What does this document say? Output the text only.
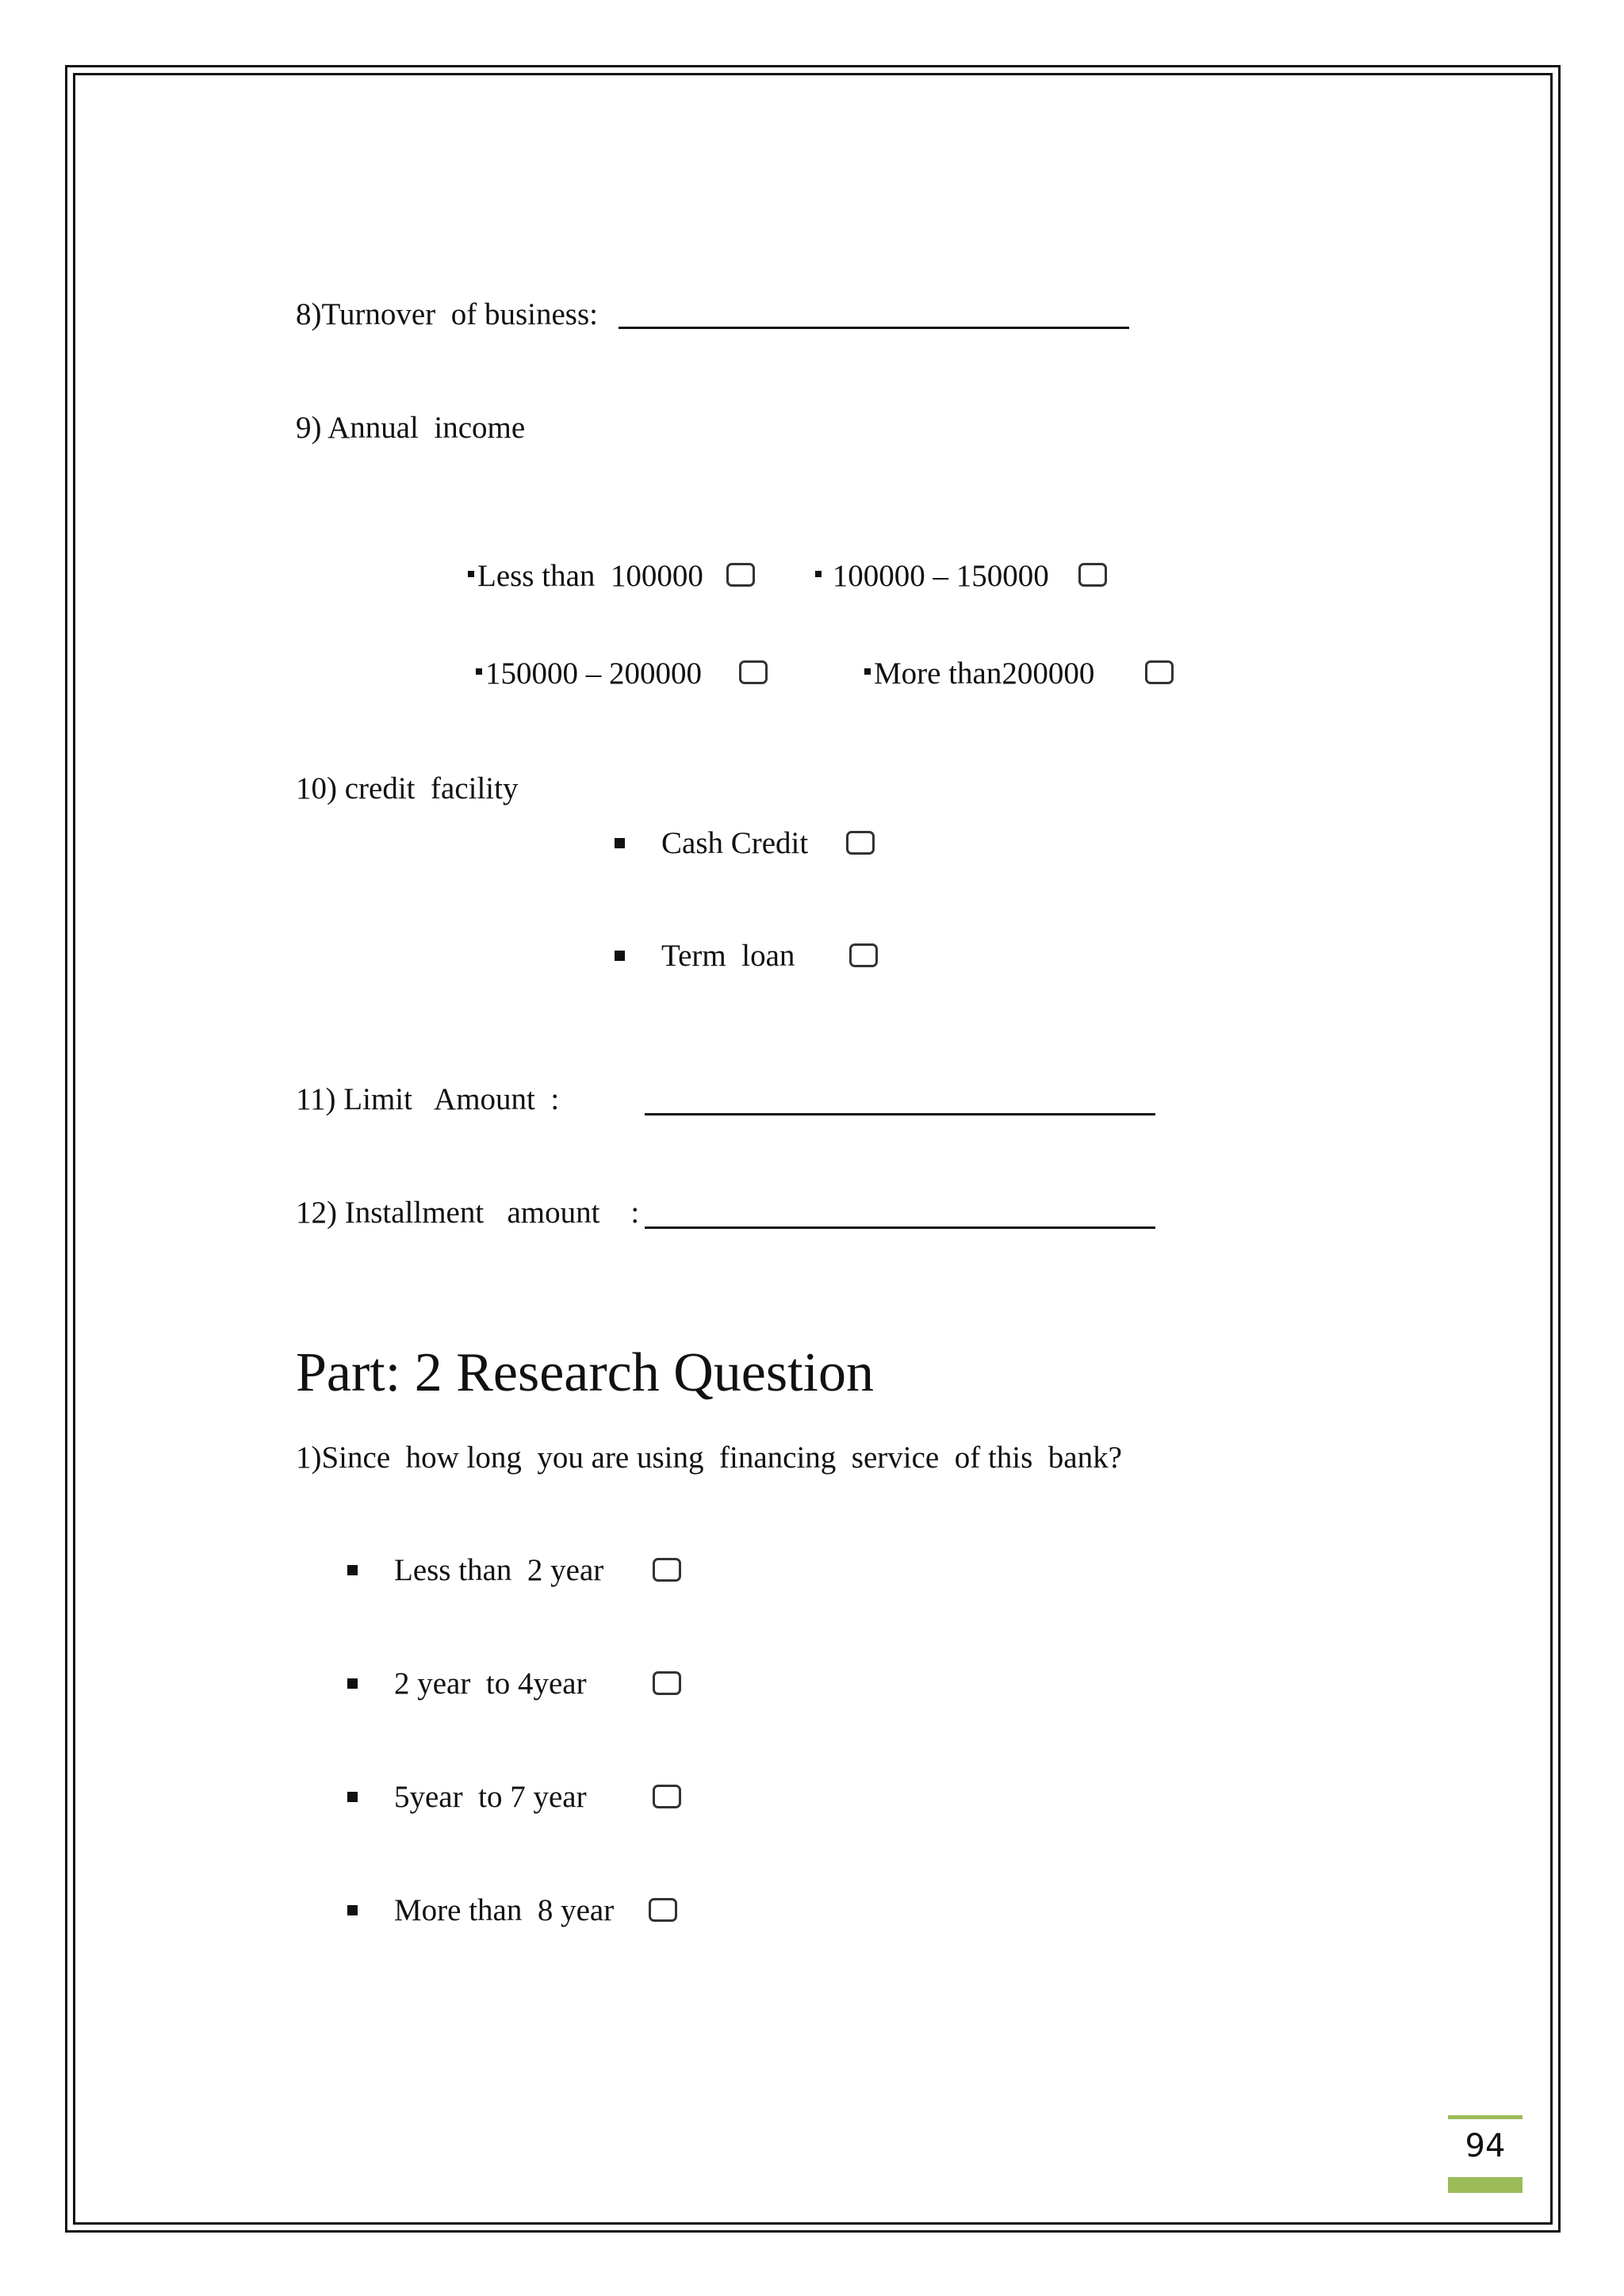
8)Turnover  of business:
9) Annual  income
Less than  100000	100000 – 150000
150000 – 200000	More than200000
10) credit  facility
Cash Credit
Term  loan
11) Limit   Amount  :
12) Installment   amount    :
Part: 2 Research Question
1)Since  how long  you are using  financing  service  of this  bank?
Less than  2 year
2 year  to 4year
5year  to 7 year
More than  8 year
94
